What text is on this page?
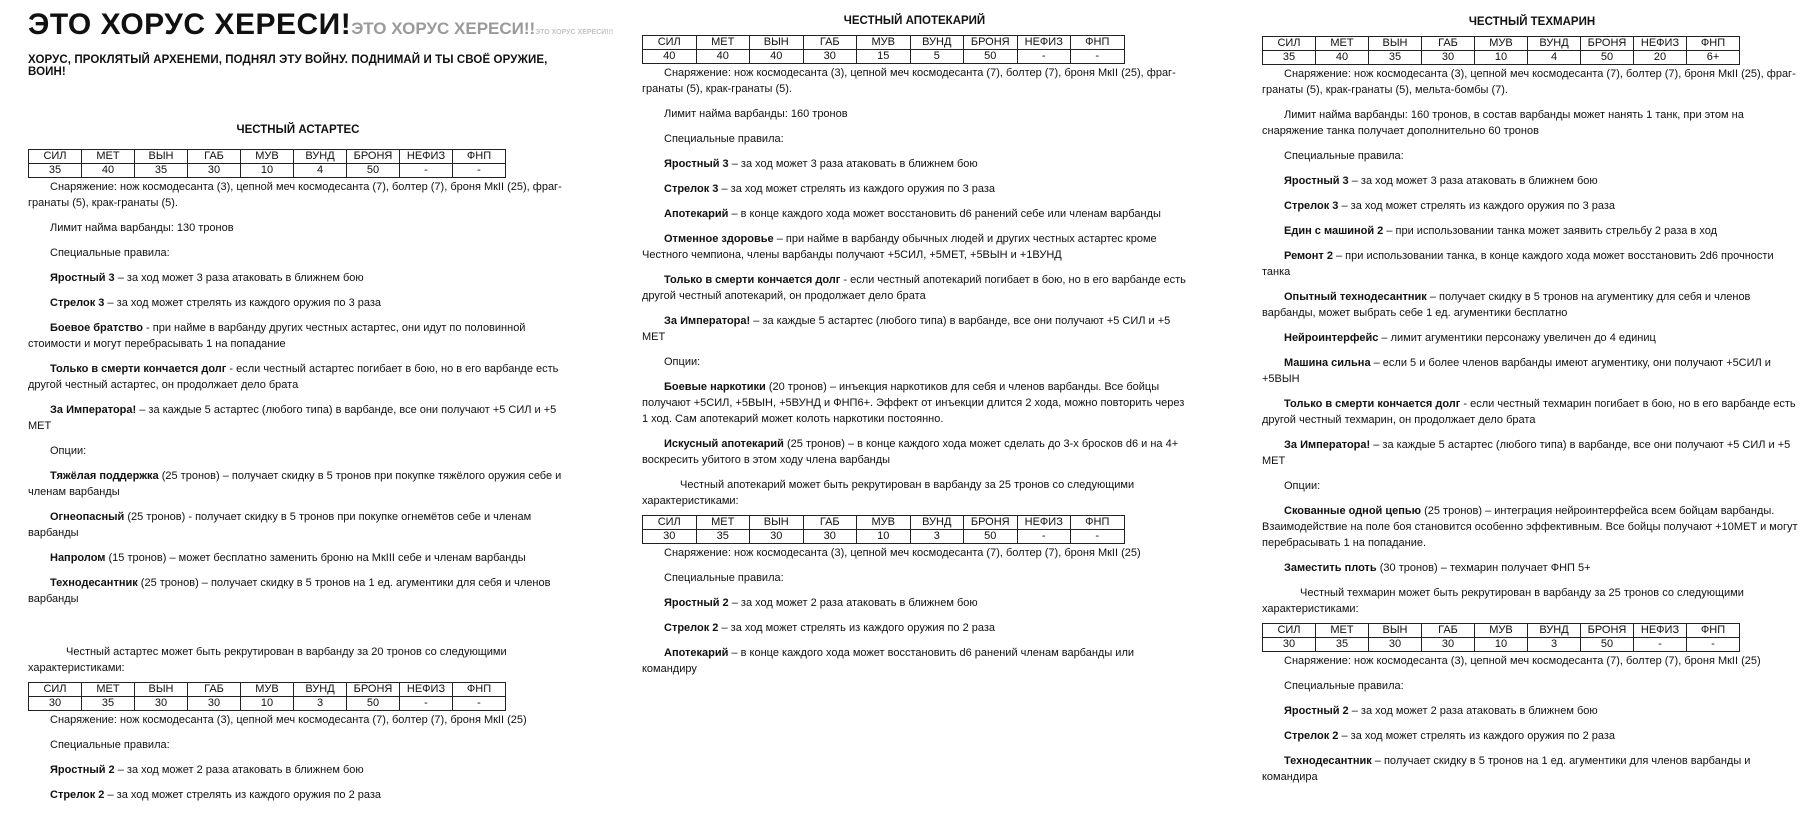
ЭТО ХОРУС ХЕРЕСИ!ЭТО ХОРУС ХЕРЕСИ!!ЭТО ХОРУС ХЕРЕСИ!!!
ХОРУС, ПРОКЛЯТЫЙ АРХЕНЕМИ, ПОДНЯЛ ЭТУ ВОЙНУ. ПОДНИМАЙ И ТЫ СВОЁ ОРУЖИЕ, ВОИН!
ЧЕСТНЫЙ АСТАРТЕС
СИЛ	МЕТ	ВЫН	ГАБ	МУВ	ВУНД	БРОНЯ	НЕФИЗ	ФНП
35	40	35	30	10	4	50	-	-

Снаряжение: нож космодесанта (3), цепной меч космодесанта (7), болтер (7), броня МкII (25), фраг-гранаты (5), крак-гранаты (5).

Лимит найма варбанды: 130 тронов

Специальные правила:

Яростный 3 – за ход может 3 раза атаковать в ближнем бою

Стрелок 3 – за ход может стрелять из каждого оружия по 3 раза

Боевое братство - при найме в варбанду других честных астартес, они идут по половинной стоимости и могут перебрасывать 1 на попадание

Только в смерти кончается долг - если честный астартес погибает в бою, но в его варбанде есть другой честный астартес, он продолжает дело брата

За Императора! – за каждые 5 астартес (любого типа) в варбанде, все они получают +5 СИЛ и +5 МЕТ

Опции:

Тяжёлая поддержка (25 тронов) – получает скидку в 5 тронов при покупке тяжёлого оружия себе и членам варбанды

Огнеопасный (25 тронов) - получает скидку в 5 тронов при покупке огнемётов себе и членам варбанды

Напролом (15 тронов) – может бесплатно заменить броню на МкIII себе и членам варбанды

Технодесантник (25 тронов) – получает скидку в 5 тронов на 1 ед. агументики для себя и членов варбанды

Честный астартес может быть рекрутирован в варбанду за 20 тронов со следующими характеристиками:

СИЛ	МЕТ	ВЫН	ГАБ	МУВ	ВУНД	БРОНЯ	НЕФИЗ	ФНП
30	35	30	30	10	3	50	-	-

Снаряжение: нож космодесанта (3), цепной меч космодесанта (7), болтер (7), броня МкII (25)

Специальные правила:

Яростный 2 – за ход может 2 раза атаковать в ближнем бою

Стрелок 2 – за ход может стрелять из каждого оружия по 2 раза

ЧЕСТНЫЙ АПОТЕКАРИЙ
СИЛ	МЕТ	ВЫН	ГАБ	МУВ	ВУНД	БРОНЯ	НЕФИЗ	ФНП
40	40	40	30	15	5	50	-	-

Снаряжение: нож космодесанта (3), цепной меч космодесанта (7), болтер (7), броня МкII (25), фраг-гранаты (5), крак-гранаты (5).

Лимит найма варбанды: 160 тронов

Специальные правила:

Яростный 3 – за ход может 3 раза атаковать в ближнем бою

Стрелок 3 – за ход может стрелять из каждого оружия по 3 раза

Апотекарий – в конце каждого хода может восстановить d6 ранений себе или членам варбанды

Отменное здоровье – при найме в варбанду обычных людей и других честных астартес кроме Честного чемпиона, члены варбанды получают +5СИЛ, +5МЕТ, +5ВЫН и +1ВУНД

Только в смерти кончается долг - если честный апотекарий погибает в бою, но в его варбанде есть другой честный апотекарий, он продолжает дело брата

За Императора! – за каждые 5 астартес (любого типа) в варбанде, все они получают +5 СИЛ и +5 МЕТ

Опции:

Боевые наркотики (20 тронов) – инъекция наркотиков для себя и членов варбанды. Все бойцы получают +5СИЛ, +5ВЫН, +5ВУНД и ФНП6+. Эффект от инъекции длится 2 хода, можно повторить через 1 ход. Сам апотекарий может колоть наркотики постоянно.

Искусный апотекарий (25 тронов) – в конце каждого хода может сделать до 3-х бросков d6 и на 4+ воскресить убитого в этом ходу члена варбанды

Честный апотекарий может быть рекрутирован в варбанду за 25 тронов со следующими характеристиками:

СИЛ	МЕТ	ВЫН	ГАБ	МУВ	ВУНД	БРОНЯ	НЕФИЗ	ФНП
30	35	30	30	10	3	50	-	-

Снаряжение: нож космодесанта (3), цепной меч космодесанта (7), болтер (7), броня МкII (25)

Специальные правила:

Яростный 2 – за ход может 2 раза атаковать в ближнем бою

Стрелок 2 – за ход может стрелять из каждого оружия по 2 раза

Апотекарий – в конце каждого хода может восстановить d6 ранений членам варбанды или командиру

ЧЕСТНЫЙ ТЕХМАРИН
СИЛ	МЕТ	ВЫН	ГАБ	МУВ	ВУНД	БРОНЯ	НЕФИЗ	ФНП
35	40	35	30	10	4	50	20	6+

Снаряжение: нож космодесанта (3), цепной меч космодесанта (7), болтер (7), броня МкII (25), фраг-гранаты (5), крак-гранаты (5), мельта-бомбы (7).

Лимит найма варбанды: 160 тронов, в состав варбанды может нанять 1 танк, при этом на снаряжение танка получает дополнительно 60 тронов

Специальные правила:

Яростный 3 – за ход может 3 раза атаковать в ближнем бою

Стрелок 3 – за ход может стрелять из каждого оружия по 3 раза

Един с машиной 2 – при использовании танка может заявить стрельбу 2 раза в ход

Ремонт 2 – при использовании танка, в конце каждого хода может восстановить 2d6 прочности танка

Опытный технодесантник – получает скидку в 5 тронов на агументику для себя и членов варбанды, может выбрать себе 1 ед. агументики бесплатно

Нейроинтерфейс – лимит агументики персонажу увеличен до 4 единиц

Машина сильна – если 5 и более членов варбанды имеют агументику, они получают +5СИЛ и +5ВЫН

Только в смерти кончается долг - если честный техмарин погибает в бою, но в его варбанде есть другой честный техмарин, он продолжает дело брата

За Императора! – за каждые 5 астартес (любого типа) в варбанде, все они получают +5 СИЛ и +5 МЕТ

Опции:

Скованные одной цепью (25 тронов) – интеграция нейроинтерфейса всем бойцам варбанды. Взаимодействие на поле боя становится особенно эффективным. Все бойцы получают +10МЕТ и могут перебрасывать 1 на попадание.

Заместить плоть (30 тронов) – техмарин получает ФНП 5+

Честный техмарин может быть рекрутирован в варбанду за 25 тронов со следующими характеристиками:

СИЛ	МЕТ	ВЫН	ГАБ	МУВ	ВУНД	БРОНЯ	НЕФИЗ	ФНП
30	35	30	30	10	3	50	-	-

Снаряжение: нож космодесанта (3), цепной меч космодесанта (7), болтер (7), броня МкII (25)

Специальные правила:

Яростный 2 – за ход может 2 раза атаковать в ближнем бою

Стрелок 2 – за ход может стрелять из каждого оружия по 2 раза

Технодесантник – получает скидку в 5 тронов на 1 ед. агументики для членов варбанды и командира
